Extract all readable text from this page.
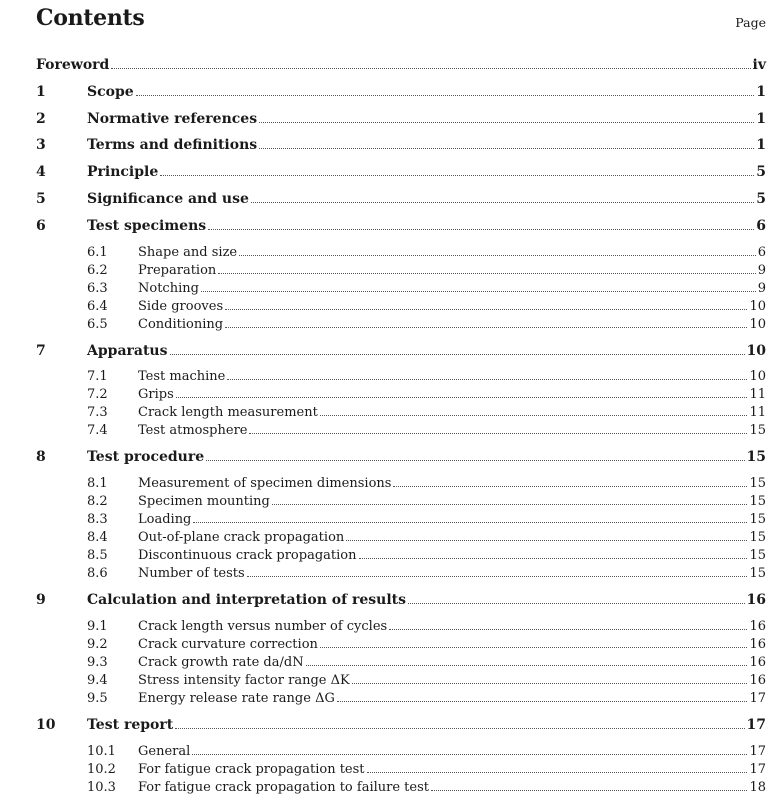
Contents	Page
Foreword	iv
1	Scope	1
2	Normative references	1
3	Terms and definitions	1
4	Principle	5
5	Significance and use	5
6	Test specimens	6
6.1	Shape and size	6
6.2	Preparation	9
6.3	Notching	9
6.4	Side grooves	10
6.5	Conditioning	10
7	Apparatus	10
7.1	Test machine	10
7.2	Grips	11
7.3	Crack length measurement	11
7.4	Test atmosphere	15
8	Test procedure	15
8.1	Measurement of specimen dimensions	15
8.2	Specimen mounting	15
8.3	Loading	15
8.4	Out-of-plane crack propagation	15
8.5	Discontinuous crack propagation	15
8.6	Number of tests	15
9	Calculation and interpretation of results	16
9.1	Crack length versus number of cycles	16
9.2	Crack curvature correction	16
9.3	Crack growth rate da/dN	16
9.4	Stress intensity factor range ΔK	16
9.5	Energy release rate range ΔG	17
10	Test report	17
10.1	General	17
10.2	For fatigue crack propagation test	17
10.3	For fatigue crack propagation to failure test	18
